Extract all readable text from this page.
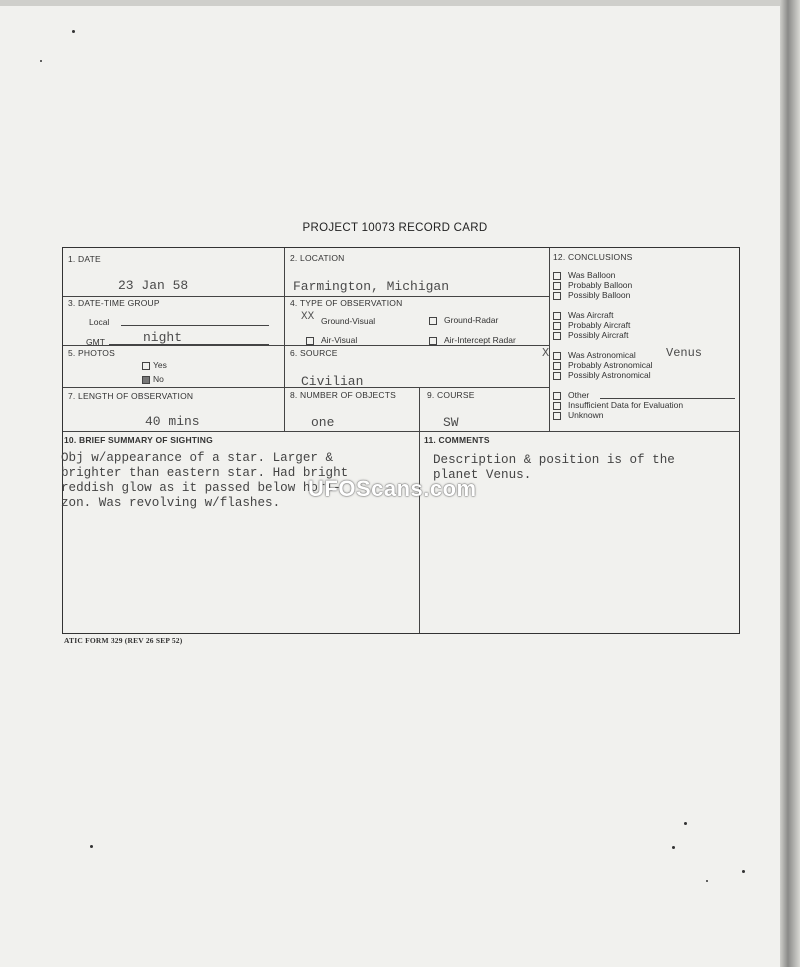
PROJECT 10073 RECORD CARD
1. DATE
23 Jan 58
2. LOCATION
Farmington, Michigan
3. DATE-TIME GROUP
Local
GMT	night
4. TYPE OF OBSERVATION
XX Ground-Visual	Ground-Radar
Air-Visual	Air-Intercept Radar
5. PHOTOS
Yes
No
6. SOURCE
Civilian
7. LENGTH OF OBSERVATION
40 mins
8. NUMBER OF OBJECTS
one
9. COURSE
SW
10. BRIEF SUMMARY OF SIGHTING
Obj w/appearance of a star. Larger &
brighter than eastern star. Had bright
reddish glow as it passed below hori-
zon. Was revolving w/flashes.
11. COMMENTS
Description & position is of the
planet Venus.
12. CONCLUSIONS
Was Balloon
Probably Balloon
Possibly Balloon
Was Aircraft
Probably Aircraft
Possibly Aircraft
X	Was Astronomical	Venus
Probably Astronomical
Possibly Astronomical
Other
Insufficient Data for Evaluation
Unknown
ATIC FORM 329 (REV 26 SEP 52)
UFOScans.com
